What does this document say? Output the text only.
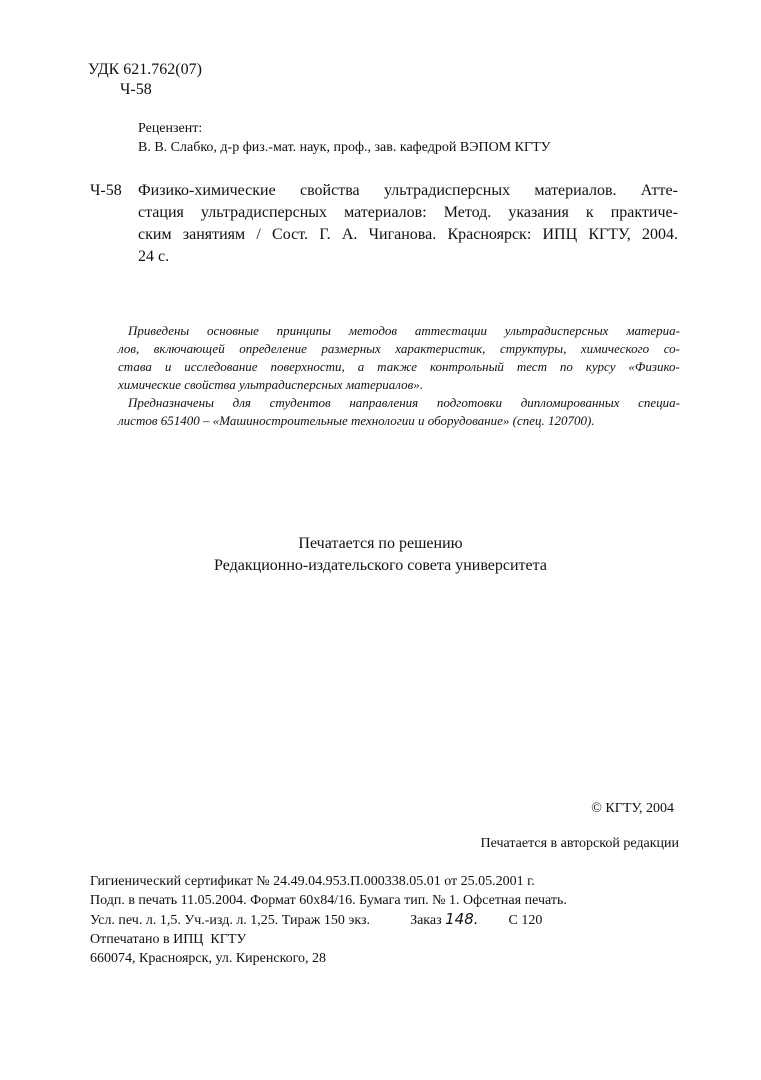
УДК 621.762(07)
Ч-58
Рецензент:
В. В. Слабко, д-р физ.-мат. наук, проф., зав. кафедрой ВЭПОМ КГТУ
Ч-58 Физико-химические свойства ультрадисперсных материалов. Атте-
стация ультрадисперсных материалов: Метод. указания к практиче-
ским занятиям / Сост. Г. А. Чиганова. Красноярск: ИПЦ КГТУ, 2004.
24 с.
Приведены основные принципы методов аттестации ультрадисперсных материа-
лов, включающей определение размерных характеристик, структуры, химического со-
става и исследование поверхности, а также контрольный тест по курсу «Физико-
химические свойства ультрадисперсных материалов».
Предназначены для студентов направления подготовки дипломированных специа-
листов 651400 – «Машиностроительные технологии и оборудование» (спец. 120700).
Печатается по решению
Редакционно-издательского совета университета
© КГТУ, 2004
Печатается в авторской редакции
Гигиенический сертификат № 24.49.04.953.П.000338.05.01 от 25.05.2001 г.
Подп. в печать 11.05.2004. Формат 60х84/16. Бумага тип. № 1. Офсетная печать.
Усл. печ. л. 1,5. Уч.-изд. л. 1,25. Тираж 150 экз.	Заказ 148. С 120
Отпечатано в ИПЦ  КГТУ
660074, Красноярск, ул. Киренского, 28
